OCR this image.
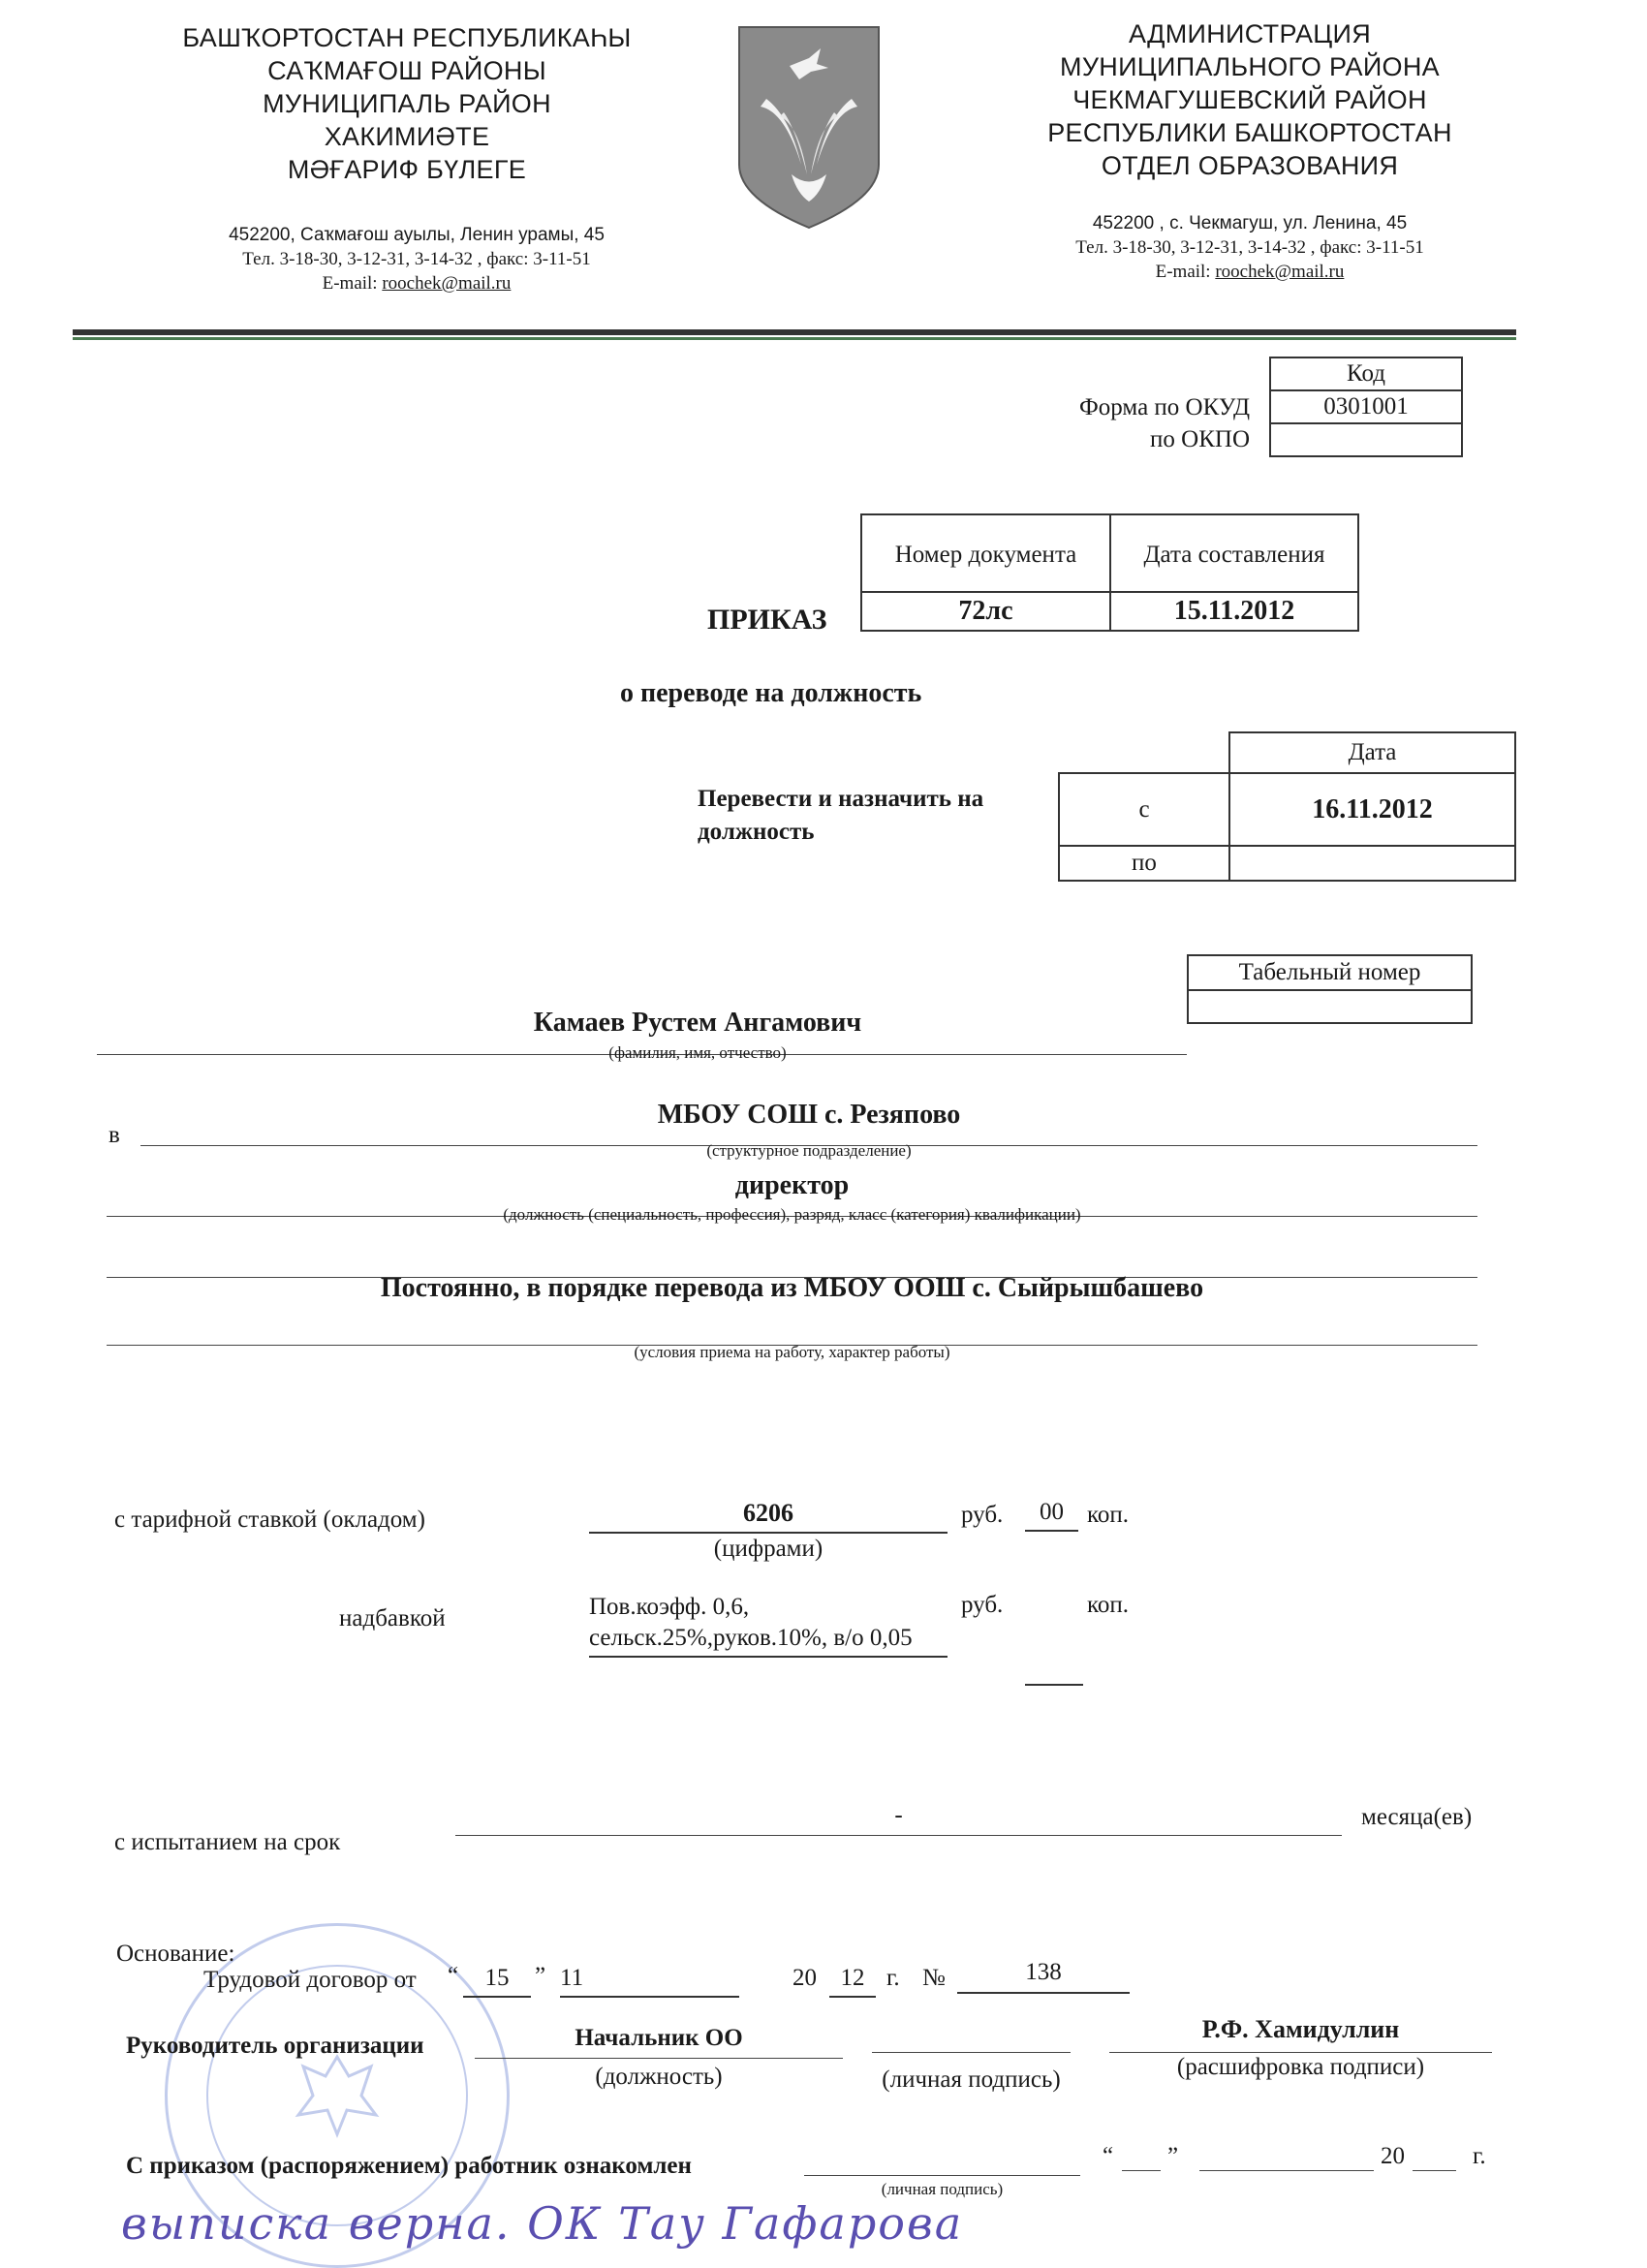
БАШҠОРТОСТАН РЕСПУБЛИКАҺЫ
САҠМАҒОШ РАЙОНЫ
МУНИЦИПАЛЬ РАЙОН
ХАКИМИӘТЕ
МӘҒАРИФ БҮЛЕГЕ
452200, Саҡмағош ауылы, Ленин урамы, 45
Тел. 3-18-30, 3-12-31, 3-14-32 , факс: 3-11-51
E-mail: roochek@mail.ru
АДМИНИСТРАЦИЯ
МУНИЦИПАЛЬНОГО РАЙОНА
ЧЕКМАГУШЕВСКИЙ РАЙОН
РЕСПУБЛИКИ БАШКОРТОСТАН
ОТДЕЛ ОБРАЗОВАНИЯ
452200 , с. Чекмагуш, ул. Ленина, 45
Тел. 3-18-30, 3-12-31, 3-14-32 , факс: 3-11-51
E-mail: roochek@mail.ru
Форма по ОКУД
по ОКПО
Код
0301001

ПРИКАЗ
Номер документа	Дата составления
72лс	15.11.2012
о переводе на должность
Перевести и назначить на должность
	Дата
с	16.11.2012
по	
Табельный номер

Камаев Рустем Ангамович
(фамилия, имя, отчество)
в
МБОУ СОШ с. Резяпово
(структурное подразделение)
директор
(должность (специальность, профессия), разряд, класс (категория) квалификации)
Постоянно, в порядке перевода из МБОУ ООШ с. Сыйрышбашево
(условия приема на работу, характер работы)
с тарифной ставкой (окладом)	6206
(цифрами)
руб.	00 коп.
надбавкой	Пов.коэфф. 0,6, сельск.25%,руков.10%, в/о 0,05
руб.	коп.
с испытанием на срок
-	месяца(ев)
Основание:
Трудовой договор от “	15	” 11	20 12 г. №	138
Руководитель организации	Начальник ОО
(должность)	(личная подпись)
Р.Ф. Хамидуллин
(расшифровка подписи)
С приказом (распоряжением) работник ознакомлен
(личная подпись)
“ ”	20	г.
выписка верна. ОК Тау Гафарова
